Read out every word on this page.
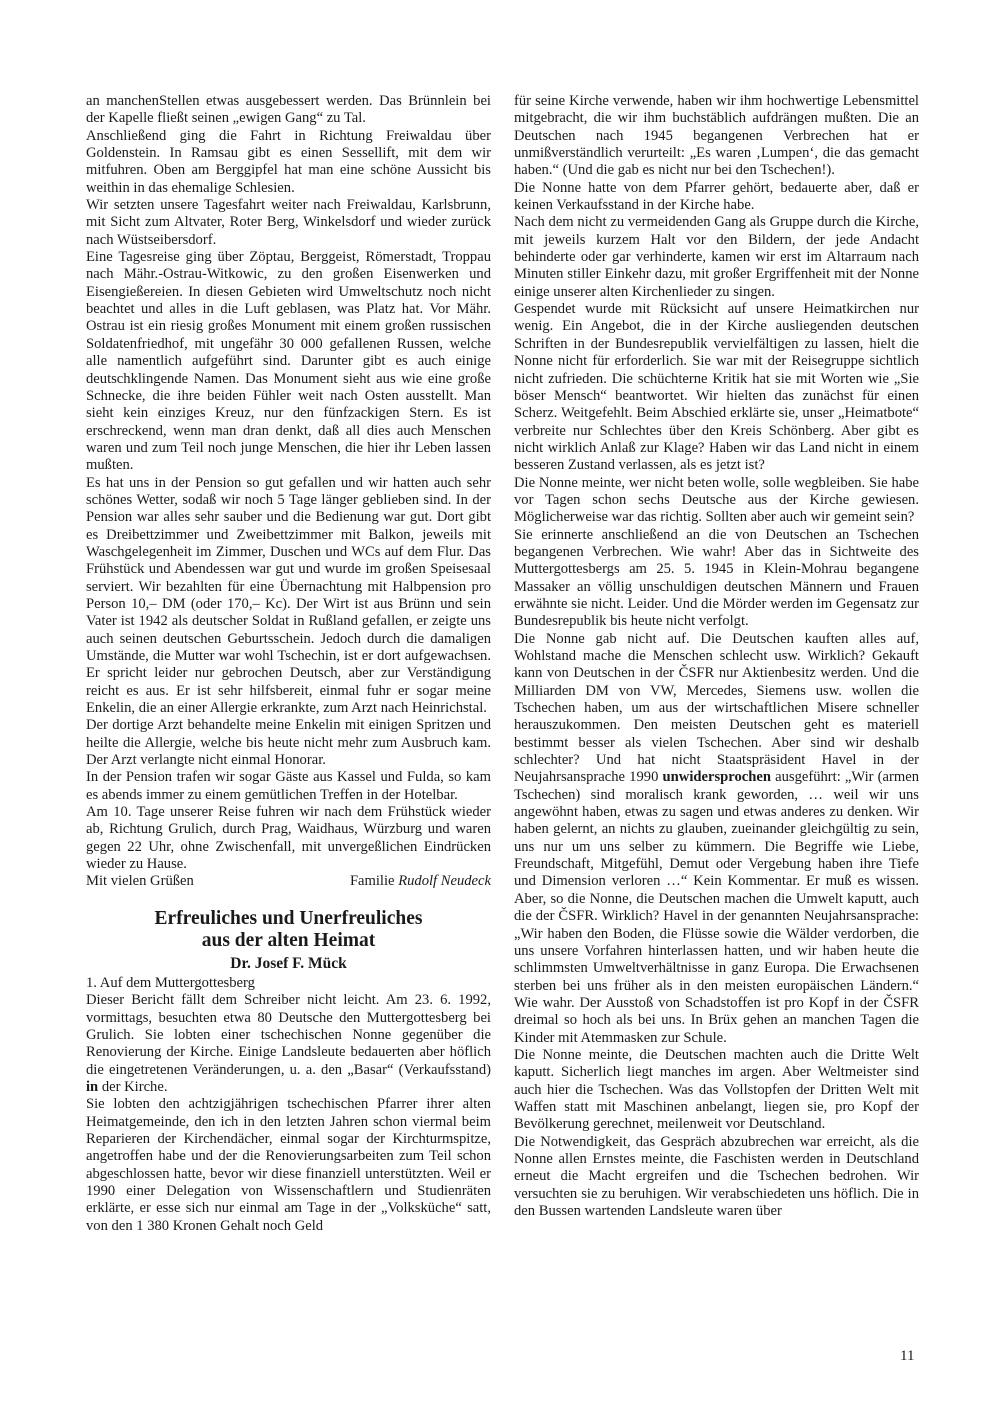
an manchenStellen etwas ausgebessert werden. Das Brünnlein bei der Kapelle fließt seinen „ewigen Gang“ zu Tal.

Anschließend ging die Fahrt in Richtung Freiwaldau über Goldenstein. In Ramsau gibt es einen Sessellift, mit dem wir mitfuhren. Oben am Berggipfel hat man eine schöne Aussicht bis weithin in das ehemalige Schlesien.

Wir setzten unsere Tagesfahrt weiter nach Freiwaldau, Karlsbrunn, mit Sicht zum Altvater, Roter Berg, Winkelsdorf und wieder zurück nach Wüstseibersdorf.

Eine Tagesreise ging über Zöptau, Berggeist, Römerstadt, Troppau nach Mähr.-Ostrau-Witkowic, zu den großen Eisenwerken und Eisengießereien. In diesen Gebieten wird Umweltschutz noch nicht beachtet und alles in die Luft geblasen, was Platz hat. Vor Mähr. Ostrau ist ein riesig großes Monument mit einem großen russischen Soldatenfriedhof, mit ungefähr 30 000 gefallenen Russen, welche alle namentlich aufgeführt sind. Darunter gibt es auch einige deutschklingende Namen. Das Monument sieht aus wie eine große Schnecke, die ihre beiden Fühler weit nach Osten ausstellt. Man sieht kein einziges Kreuz, nur den fünfzackigen Stern. Es ist erschreckend, wenn man dran denkt, daß all dies auch Menschen waren und zum Teil noch junge Menschen, die hier ihr Leben lassen mußten.

Es hat uns in der Pension so gut gefallen und wir hatten auch sehr schönes Wetter, sodaß wir noch 5 Tage länger geblieben sind. In der Pension war alles sehr sauber und die Bedienung war gut. Dort gibt es Dreibettzimmer und Zweibettzimmer mit Balkon, jeweils mit Waschgelegenheit im Zimmer, Duschen und WCs auf dem Flur. Das Frühstück und Abendessen war gut und wurde im großen Speisesaal serviert. Wir bezahlten für eine Übernachtung mit Halbpension pro Person 10,– DM (oder 170,– Kc). Der Wirt ist aus Brünn und sein Vater ist 1942 als deutscher Soldat in Rußland gefallen, er zeigte uns auch seinen deutschen Geburtsschein. Jedoch durch die damaligen Umstände, die Mutter war wohl Tschechin, ist er dort aufgewachsen. Er spricht leider nur gebrochen Deutsch, aber zur Verständigung reicht es aus. Er ist sehr hilfsbereit, einmal fuhr er sogar meine Enkelin, die an einer Allergie erkrankte, zum Arzt nach Heinrichstal.

Der dortige Arzt behandelte meine Enkelin mit einigen Spritzen und heilte die Allergie, welche bis heute nicht mehr zum Ausbruch kam. Der Arzt verlangte nicht einmal Honorar.

In der Pension trafen wir sogar Gäste aus Kassel und Fulda, so kam es abends immer zu einem gemütlichen Treffen in der Hotelbar.

Am 10. Tage unserer Reise fuhren wir nach dem Frühstück wieder ab, Richtung Grulich, durch Prag, Waidhaus, Würzburg und waren gegen 22 Uhr, ohne Zwischenfall, mit unvergeßlichen Eindrücken wieder zu Hause.

Mit vielen Grüßen	Familie Rudolf Neudeck
Erfreuliches und Unerfreuliches
aus der alten Heimat
Dr. Josef F. Mück

1. Auf dem Muttergottesberg

Dieser Bericht fällt dem Schreiber nicht leicht. Am 23. 6. 1992, vormittags, besuchten etwa 80 Deutsche den Muttergottesberg bei Grulich. Sie lobten einer tschechischen Nonne gegenüber die Renovierung der Kirche. Einige Landsleute bedauerten aber höflich die eingetretenen Veränderungen, u. a. den „Basar“ (Verkaufsstand) in der Kirche.

Sie lobten den achtzigjährigen tschechischen Pfarrer ihrer alten Heimatgemeinde, den ich in den letzten Jahren schon viermal beim Reparieren der Kirchendächer, einmal sogar der Kirchturmspitze, angetroffen habe und der die Renovierungsarbeiten zum Teil schon abgeschlossen hatte, bevor wir diese finanziell unterstützten. Weil er 1990 einer Delegation von Wissenschaftlern und Studienräten erklärte, er esse sich nur einmal am Tage in der „Volksküche“ satt, von den 1 380 Kronen Gehalt noch Geld

für seine Kirche verwende, haben wir ihm hochwertige Lebensmittel mitgebracht, die wir ihm buchstäblich aufdrängen mußten. Die an Deutschen nach 1945 begangenen Verbrechen hat er unmißverständlich verurteilt: „Es waren ‚Lumpen‘, die das gemacht haben.“ (Und die gab es nicht nur bei den Tschechen!).

Die Nonne hatte von dem Pfarrer gehört, bedauerte aber, daß er keinen Verkaufsstand in der Kirche habe.

Nach dem nicht zu vermeidenden Gang als Gruppe durch die Kirche, mit jeweils kurzem Halt vor den Bildern, der jede Andacht behinderte oder gar verhinderte, kamen wir erst im Altarraum nach Minuten stiller Einkehr dazu, mit großer Ergriffenheit mit der Nonne einige unserer alten Kirchenlieder zu singen.

Gespendet wurde mit Rücksicht auf unsere Heimatkirchen nur wenig. Ein Angebot, die in der Kirche ausliegenden deutschen Schriften in der Bundesrepublik vervielfältigen zu lassen, hielt die Nonne nicht für erforderlich. Sie war mit der Reisegruppe sichtlich nicht zufrieden. Die schüchterne Kritik hat sie mit Worten wie „Sie böser Mensch“ beantwortet. Wir hielten das zunächst für einen Scherz. Weitgefehlt. Beim Abschied erklärte sie, unser „Heimatbote“ verbreite nur Schlechtes über den Kreis Schönberg. Aber gibt es nicht wirklich Anlaß zur Klage? Haben wir das Land nicht in einem besseren Zustand verlassen, als es jetzt ist?

Die Nonne meinte, wer nicht beten wolle, solle wegbleiben. Sie habe vor Tagen schon sechs Deutsche aus der Kirche gewiesen. Möglicherweise war das richtig. Sollten aber auch wir gemeint sein?

Sie erinnerte anschließend an die von Deutschen an Tschechen begangenen Verbrechen. Wie wahr! Aber das in Sichtweite des Muttergottesbergs am 25. 5. 1945 in Klein-Mohrau begangene Massaker an völlig unschuldigen deutschen Männern und Frauen erwähnte sie nicht. Leider. Und die Mörder werden im Gegensatz zur Bundesrepublik bis heute nicht verfolgt.

Die Nonne gab nicht auf. Die Deutschen kauften alles auf, Wohlstand mache die Menschen schlecht usw. Wirklich? Gekauft kann von Deutschen in der ČSFR nur Aktienbesitz werden. Und die Milliarden DM von VW, Mercedes, Siemens usw. wollen die Tschechen haben, um aus der wirtschaftlichen Misere schneller herauszukommen. Den meisten Deutschen geht es materiell bestimmt besser als vielen Tschechen. Aber sind wir deshalb schlechter? Und hat nicht Staatspräsident Havel in der Neujahrsansprache 1990 unwidersprochen ausgeführt: „Wir (armen Tschechen) sind moralisch krank geworden, … weil wir uns angewöhnt haben, etwas zu sagen und etwas anderes zu denken. Wir haben gelernt, an nichts zu glauben, zueinander gleichgültig zu sein, uns nur um uns selber zu kümmern. Die Begriffe wie Liebe, Freundschaft, Mitgefühl, Demut oder Vergebung haben ihre Tiefe und Dimension verloren …“ Kein Kommentar. Er muß es wissen. Aber, so die Nonne, die Deutschen machen die Umwelt kaputt, auch die der ČSFR. Wirklich? Havel in der genannten Neujahrsansprache: „Wir haben den Boden, die Flüsse sowie die Wälder verdorben, die uns unsere Vorfahren hinterlassen hatten, und wir haben heute die schlimmsten Umweltverhältnisse in ganz Europa. Die Erwachsenen sterben bei uns früher als in den meisten europäischen Ländern.“ Wie wahr. Der Ausstoß von Schadstoffen ist pro Kopf in der ČSFR dreimal so hoch als bei uns. In Brüx gehen an manchen Tagen die Kinder mit Atemmasken zur Schule.

Die Nonne meinte, die Deutschen machten auch die Dritte Welt kaputt. Sicherlich liegt manches im argen. Aber Weltmeister sind auch hier die Tschechen. Was das Vollstopfen der Dritten Welt mit Waffen statt mit Maschinen anbelangt, liegen sie, pro Kopf der Bevölkerung gerechnet, meilenweit vor Deutschland.

Die Notwendigkeit, das Gespräch abzubrechen war erreicht, als die Nonne allen Ernstes meinte, die Faschisten werden in Deutschland erneut die Macht ergreifen und die Tschechen bedrohen. Wir versuchten sie zu beruhigen. Wir verabschiedeten uns höflich. Die in den Bussen wartenden Landsleute waren über

11
